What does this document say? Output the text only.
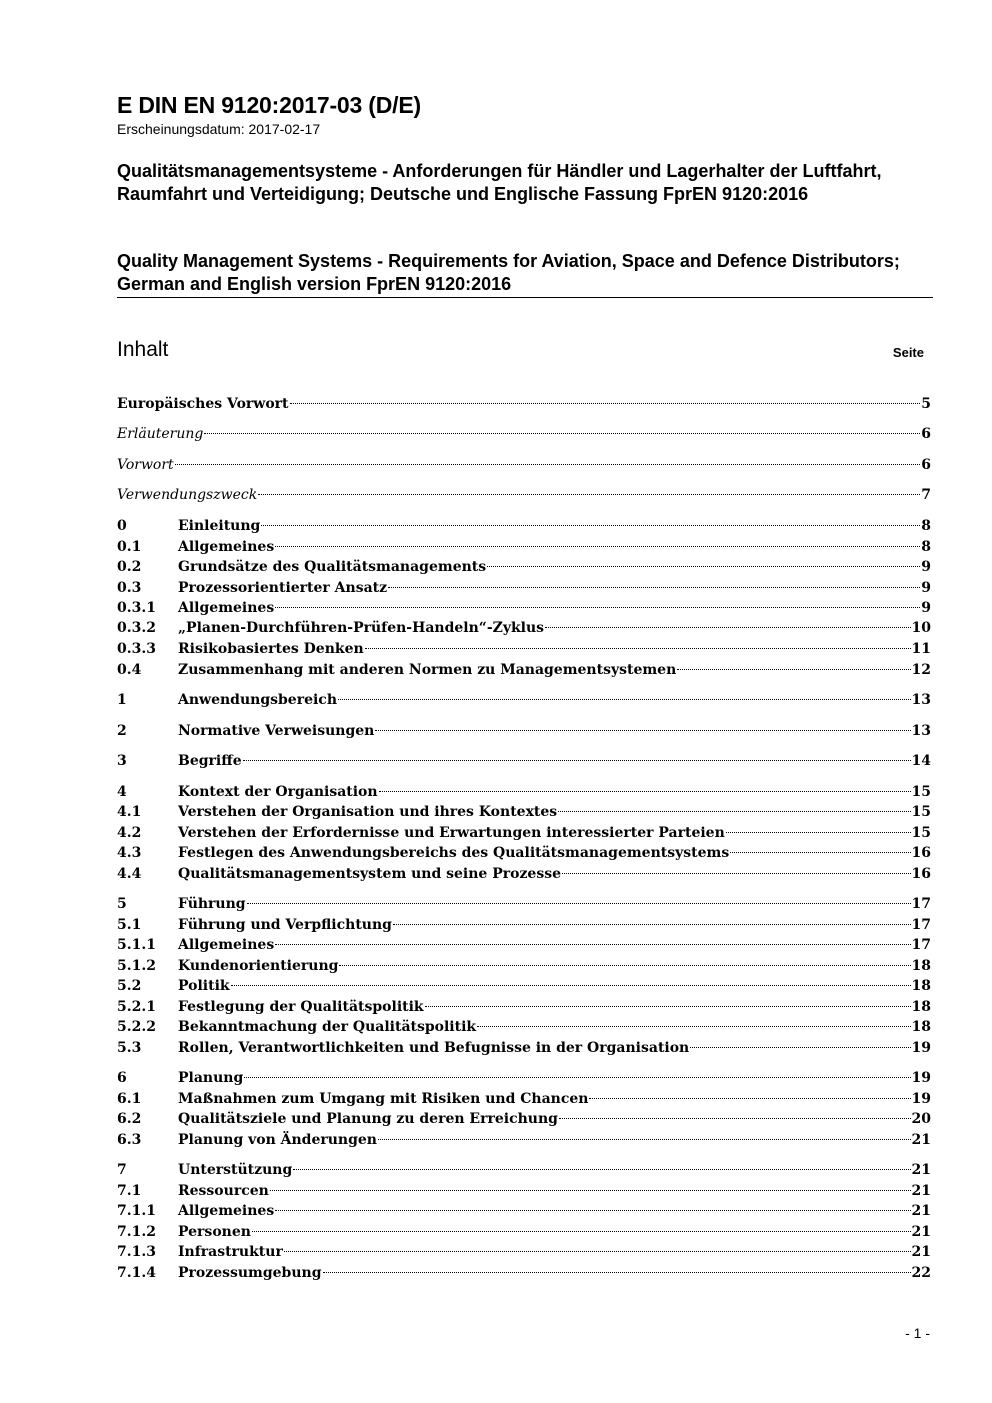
E DIN EN 9120:2017-03 (D/E)
Erscheinungsdatum: 2017-02-17
Qualitätsmanagementsysteme - Anforderungen für Händler und Lagerhalter der Luftfahrt, Raumfahrt und Verteidigung; Deutsche und Englische Fassung FprEN 9120:2016
Quality Management Systems - Requirements for Aviation, Space and Defence Distributors; German and English version FprEN 9120:2016
Inhalt	Seite
Europäisches Vorwort	5
Erläuterung	6
Vorwort	6
Verwendungszweck	7
0	Einleitung	8
0.1	Allgemeines	8
0.2	Grundsätze des Qualitätsmanagements	9
0.3	Prozessorientierter Ansatz	9
0.3.1	Allgemeines	9
0.3.2	„Planen-Durchführen-Prüfen-Handeln“-Zyklus	10
0.3.3	Risikobasiertes Denken	11
0.4	Zusammenhang mit anderen Normen zu Managementsystemen	12
1	Anwendungsbereich	13
2	Normative Verweisungen	13
3	Begriffe	14
4	Kontext der Organisation	15
4.1	Verstehen der Organisation und ihres Kontextes	15
4.2	Verstehen der Erfordernisse und Erwartungen interessierter Parteien	15
4.3	Festlegen des Anwendungsbereichs des Qualitätsmanagementsystems	16
4.4	Qualitätsmanagementsystem und seine Prozesse	16
5	Führung	17
5.1	Führung und Verpflichtung	17
5.1.1	Allgemeines	17
5.1.2	Kundenorientierung	18
5.2	Politik	18
5.2.1	Festlegung der Qualitätspolitik	18
5.2.2	Bekanntmachung der Qualitätspolitik	18
5.3	Rollen, Verantwortlichkeiten und Befugnisse in der Organisation	19
6	Planung	19
6.1	Maßnahmen zum Umgang mit Risiken und Chancen	19
6.2	Qualitätsziele und Planung zu deren Erreichung	20
6.3	Planung von Änderungen	21
7	Unterstützung	21
7.1	Ressourcen	21
7.1.1	Allgemeines	21
7.1.2	Personen	21
7.1.3	Infrastruktur	21
7.1.4	Prozessumgebung	22
- 1 -
